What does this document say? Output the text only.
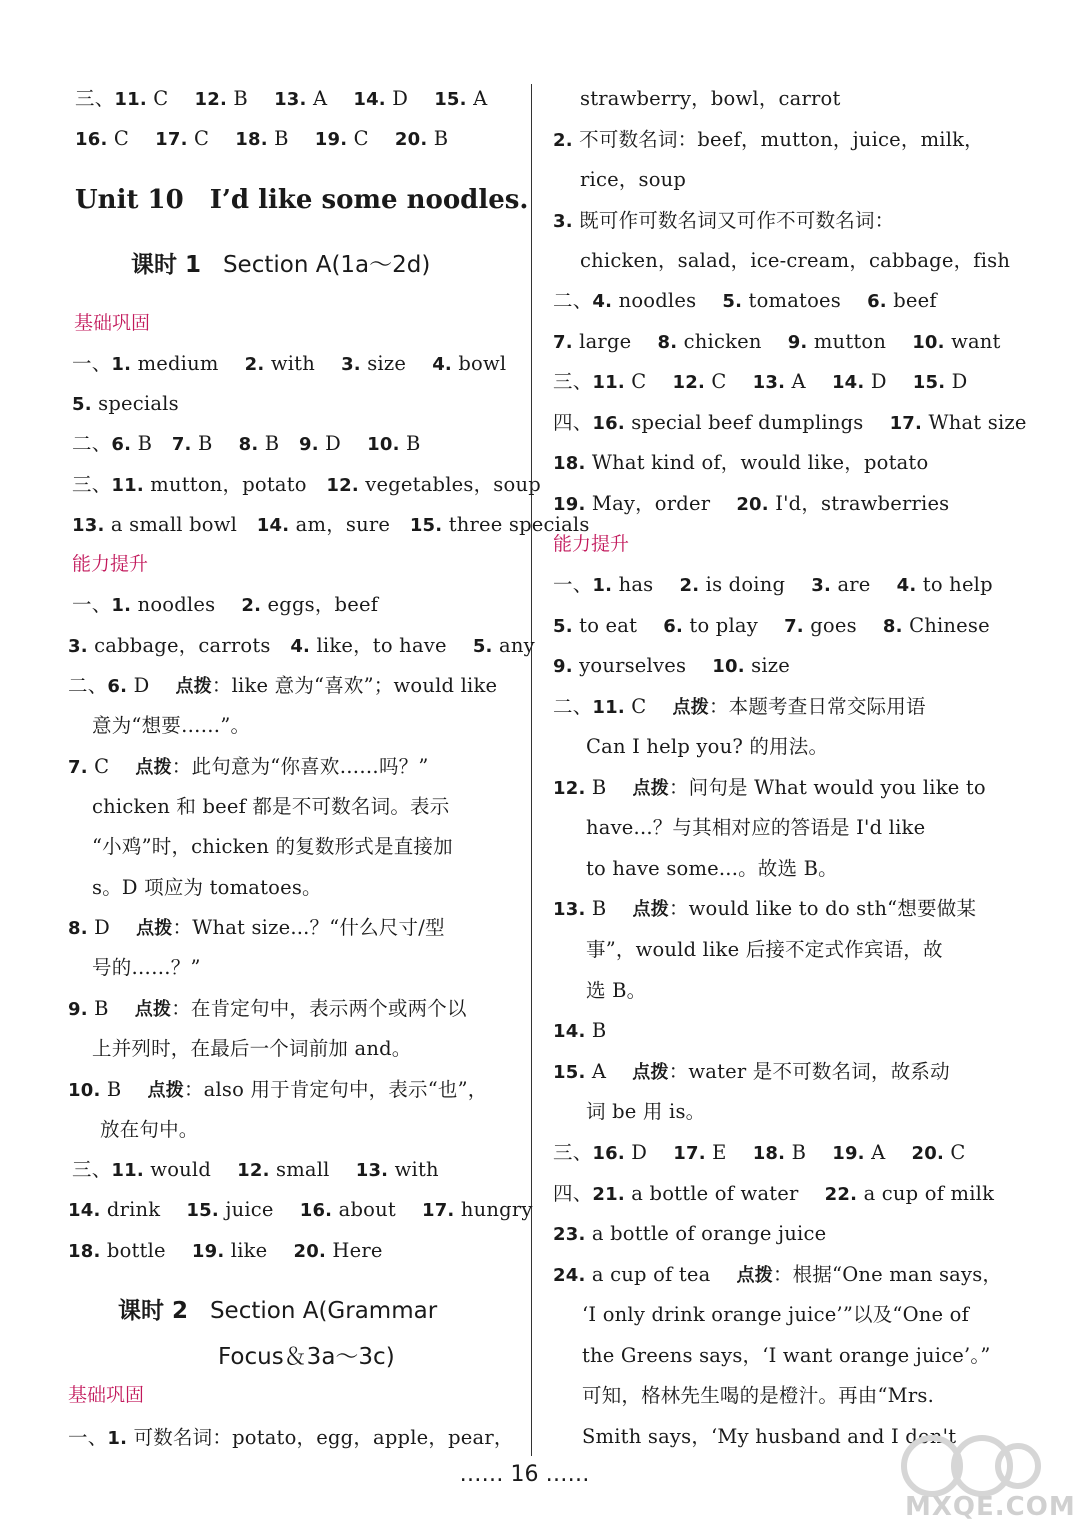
三、11. C　 12. B　 13. A　 14. D　 15. A
16. C　 17. C　 18. B　 19. C　 20. B
Unit 10　I’d like some noodles.
课时 1 Section A(1a～2d)
基础巩固
一、1. medium　 2. with　 3. size　 4. bowl
5. specials
二、6. B　7. B　 8. B　9. D　 10. B
三、11. mutton，potato　12. vegetables，soup
13. a small bowl　14. am，sure　15. three specials
能力提升
一、1. noodles　 2. eggs，beef
3. cabbage，carrots　4. like，to have　 5. any
二、6. D　 点拨：like 意为“喜欢”；would like
意为“想要……”。
7. C　 点拨：此句意为“你喜欢……吗？”
chicken 和 beef 都是不可数名词。表示
“小鸡”时，chicken 的复数形式是直接加
s。D 项应为 tomatoes。
8. D　 点拨：What size...？“什么尺寸/型
号的……？”
9. B　 点拨：在肯定句中，表示两个或两个以
上并列时，在最后一个词前加 and。
10. B　 点拨：also 用于肯定句中，表示“也”，
放在句中。
三、11. would　 12. small　 13. with
14. drink　 15. juice　 16. about　 17. hungry
18. bottle　 19. like　 20. Here
课时 2 Section A(Grammar
Focus＆3a～3c)
基础巩固
一、1. 可数名词：potato，egg，apple，pear，
strawberry，bowl，carrot
2. 不可数名词：beef，mutton，juice，milk，
rice，soup
3. 既可作可数名词又可作不可数名词：
chicken，salad，ice-cream，cabbage，fish
二、4. noodles　 5. tomatoes　 6. beef
7. large　 8. chicken　 9. mutton　 10. want
三、11. C　 12. C　 13. A　 14. D　 15. D
四、16. special beef dumplings　 17. What size
18. What kind of，would like，potato
19. May，order　 20. I'd，strawberries
能力提升
一、1. has　 2. is doing　 3. are　 4. to help
5. to eat　 6. to play　 7. goes　 8. Chinese
9. yourselves　 10. size
二、11. C　 点拨：本题考查日常交际用语
Can I help you? 的用法。
12. B　 点拨：问句是 What would you like to
have...？与其相对应的答语是 I'd like
to have some...。故选 B。
13. B　 点拨：would like to do sth“想要做某
事”，would like 后接不定式作宾语，故
选 B。
14. B
15. A　 点拨：water 是不可数名词，故系动
词 be 用 is。
三、16. D　 17. E　 18. B　 19. A　 20. C
四、21. a bottle of water　 22. a cup of milk
23. a bottle of orange juice
24. a cup of tea　 点拨：根据“One man says，
‘I only drink orange juice’”以及“One of
the Greens says，‘I want orange juice’。”
可知，格林先生喝的是橙汁。再由“Mrs.
Smith says，‘My husband and I don't
…… 16 ……
MXQE.COM
